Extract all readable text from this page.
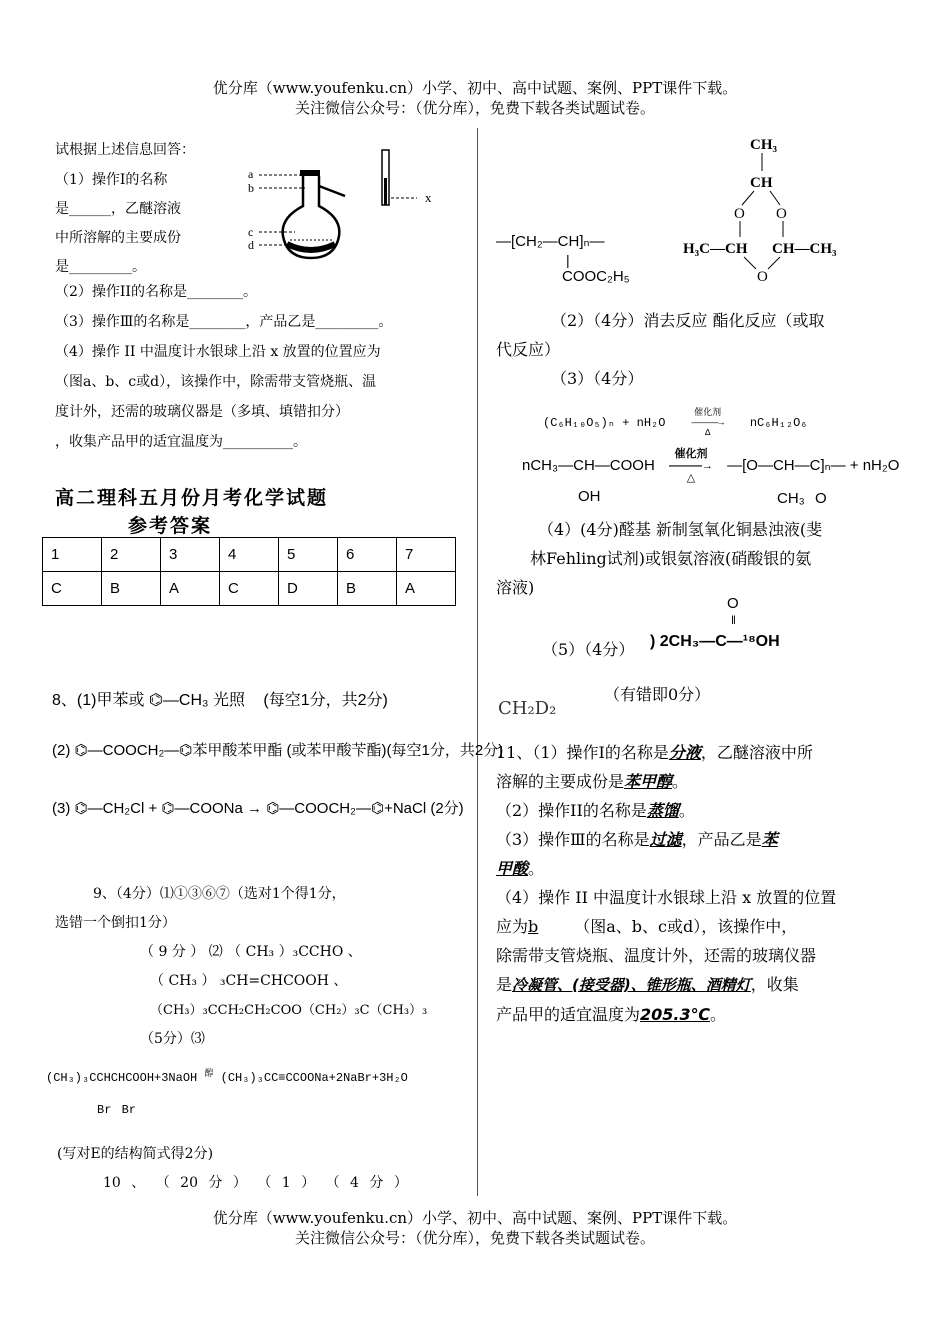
优分库（www.youfenku.cn）小学、初中、高中试题、案例、PPT课件下载。
关注微信公众号：（优分库），免费下载各类试题试卷。
试根据上述信息回答：
（1）操作Ⅰ的名称
是______，乙醚溶液
中所溶解的主要成份
是_________。
a
b
c
d
x
（2）操作II的名称是________。
（3）操作Ⅲ的名称是________，产品乙是_________。
（4）操作 II 中温度计水银球上沿 x 放置的位置应为
（图a、b、c或d），该操作中，除需带支管烧瓶、温
度计外，还需的玻璃仪器是（多填、填错扣分）
，收集产品甲的适宜温度为__________。
高二理科五月份月考化学试题
参考答案
1	2	3	4	5	6	7
C	B	A	C	D	B	A
8、(1)甲苯或 ⌬—CH₃ 光照 (每空1分，共2分)
(2) ⌬—COOCH₂—⌬苯甲酸苯甲酯 (或苯甲酸苄酯)(每空1分，共2分)
(3) ⌬—CH₂Cl + ⌬—COONa → ⌬—COOCH₂—⌬+NaCl (2分)
9、（4分）⑴①③⑥⑦（选对1个得1分，
选错一个倒扣1分）
（ 9 分 ） ⑵ （ CH₃ ）₃CCHO 、
（ CH₃ ） ₃CH=CHCOOH 、
（CH₃）₃CCH₂CH₂COO（CH₂）₃C（CH₃）₃
（5分）⑶
(CH₃)₃CCHCHCOOH+3NaOH $^醇$ (CH₃)₃CC≡CCOONa+2NaBr+3H₂O
Br Br
(写对E的结构简式得2分)
10 、 （ 20 分 ） （ 1 ） （ 4 分 ）
—[CH₂—CH]ₙ—
|
COOC₂H₅
CH₃
CH
O O
H₃C—CH CH—CH₃
O
（2）（4分）消去反应 酯化反应（或取
代反应）
（3）（4分）
(C₆H₁₀O₅)ₙ + nH₂O 催化剂
—————→
Δ nC₆H₁₂O₆
nCH₃—CH—COOH 催化剂
———→
△ —[O—CH—C]ₙ— + nH₂O
OH	CH₃ O
（4）(4分)醛基 新制氢氧化铜悬浊液(斐
林Fehling试剂)或银氨溶液(硝酸银的氨
溶液)
O
‖
（5）（4分） ) 2CH₃—C—¹⁸OH
（有错即0分）
CH₂D₂
11、（1）操作Ⅰ的名称是分液，乙醚溶液中所
溶解的主要成份是苯甲醇。
（2）操作II的名称是蒸馏。
（3）操作Ⅲ的名称是过滤，产品乙是苯
甲酸。
（4）操作 II 中温度计水银球上沿 x 放置的位置
应为b （图a、b、c或d），该操作中，
除需带支管烧瓶、温度计外，还需的玻璃仪器
是冷凝管、(接受器)、锥形瓶、酒精灯，收集
产品甲的适宜温度为205.3℃。
优分库（www.youfenku.cn）小学、初中、高中试题、案例、PPT课件下载。
关注微信公众号：（优分库），免费下载各类试题试卷。
